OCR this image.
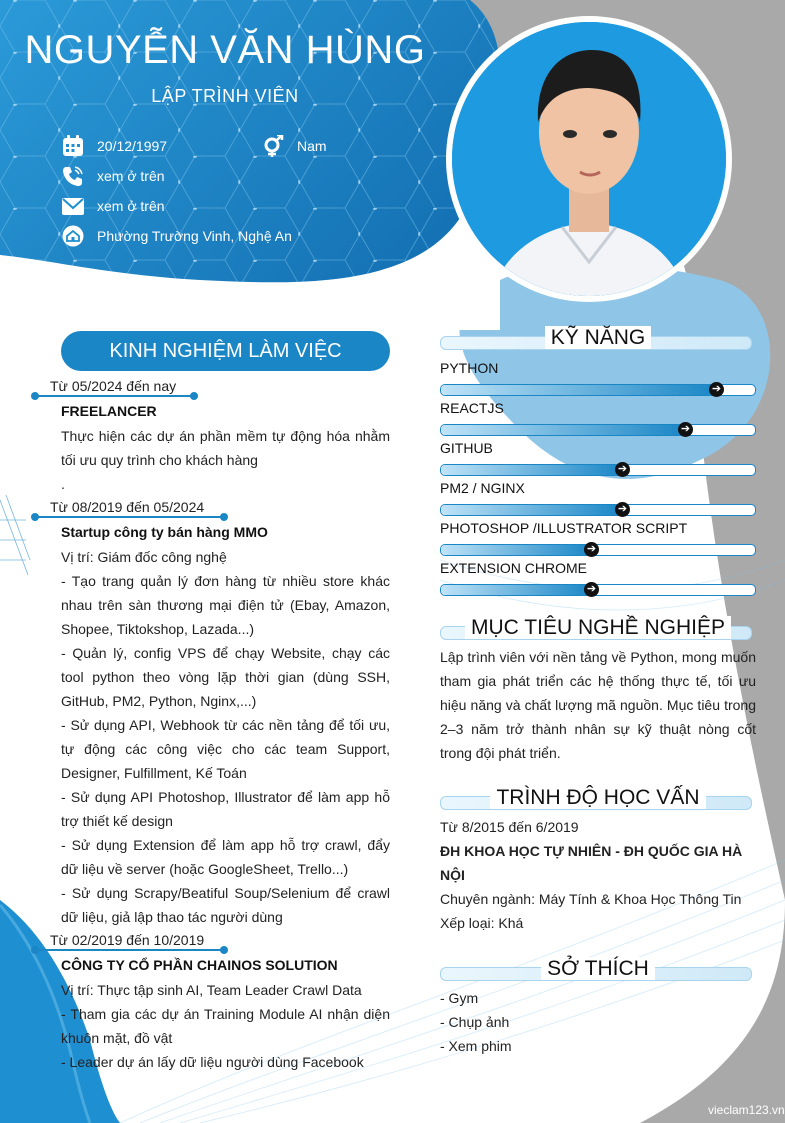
NGUYỄN VĂN HÙNG
LẬP TRÌNH VIÊN
20/12/1997	Nam
xem ở trên
xem ở trên
Phường Trường Vinh, Nghệ An
KINH NGHIỆM LÀM VIỆC
Lập trình viên với nền tảng về Python, mong muốn tham gia phát triển các hệ thống thực tế, tối ưu hiệu năng và chất lượng mã nguồn. Mục tiêu trong 2–3 năm trở thành nhân sự kỹ thuật nòng cốt trong đội phát triển.
Từ 8/2015 đến 6/2019
ĐH KHOA HỌC TỰ NHIÊN - ĐH QUỐC GIA HÀ NỘI
Chuyên ngành: Máy Tính & Khoa Học Thông Tin
Xếp loại: Khá
- Gym
- Chụp ảnh
- Xem phim
vieclam123.vn
Từ 05/2024 đến nay
FREELANCER
Thực hiện các dự án phần mềm tự động hóa nhằm tối ưu quy trình cho khách hàng
.
Từ 08/2019 đến 05/2024
Startup công ty bán hàng MMO
Vị trí: Giám đốc công nghệ
- Tạo trang quản lý đơn hàng từ nhiều store khác nhau trên sàn thương mại điện tử (Ebay, Amazon, Shopee, Tiktokshop, Lazada...)
- Quản lý, config VPS để chạy Website, chạy các tool python theo vòng lặp thời gian (dùng SSH, GitHub, PM2, Python, Nginx,...)
- Sử dụng API, Webhook từ các nền tảng để tối ưu, tự động các công việc cho các team Support, Designer, Fulfillment, Kế Toán
- Sử dụng API Photoshop, Illustrator để làm app hỗ trợ thiết kế design
- Sử dụng Extension để làm app hỗ trợ crawl, đẩy dữ liệu về server (hoặc GoogleSheet, Trello...)
- Sử dụng Scrapy/Beatiful Soup/Selenium để crawl dữ liệu, giả lập thao tác người dùng
Từ 02/2019 đến 10/2019
CÔNG TY CỔ PHẦN CHAINOS SOLUTION
Vị trí: Thực tập sinh AI, Team Leader Crawl Data
- Tham gia các dự án Training Module AI nhận diện khuôn mặt, đồ vật
- Leader dự án lấy dữ liệu người dùng Facebook
KỸ NĂNG
MỤC TIÊU NGHỀ NGHIỆP
TRÌNH ĐỘ HỌC VẤN
SỞ THÍCH
PYTHON
➔
REACTJS
➔
GITHUB
➔
PM2 / NGINX
➔
PHOTOSHOP /ILLUSTRATOR SCRIPT
➔
EXTENSION CHROME
➔
